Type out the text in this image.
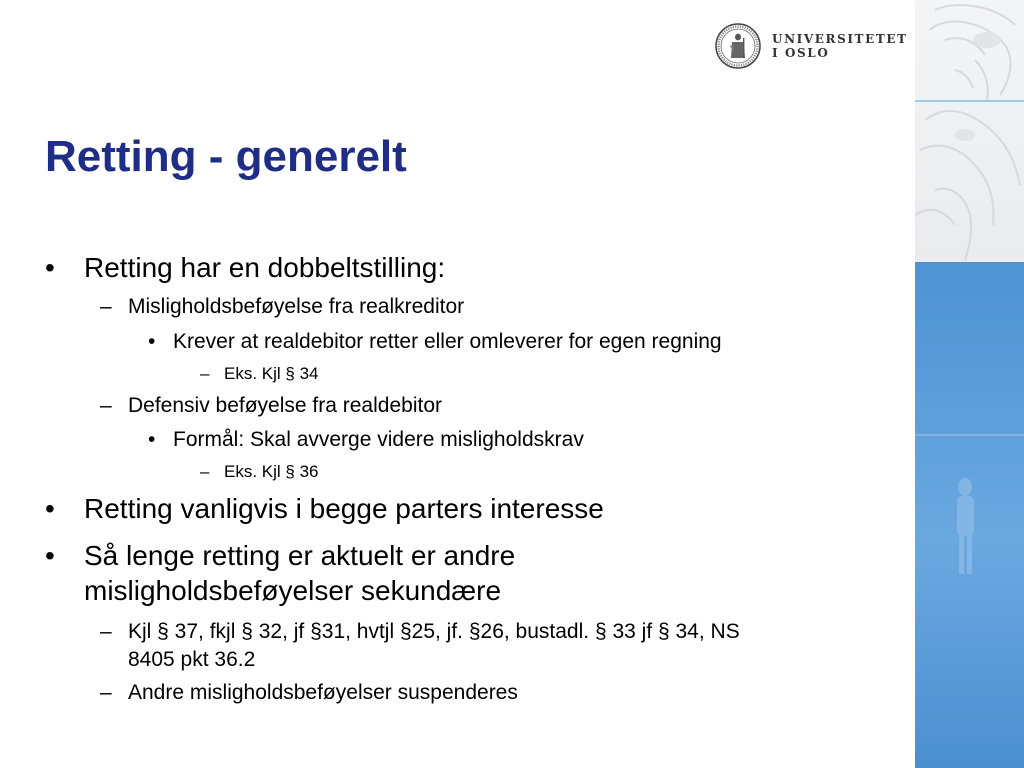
UNIVERSITETET
I OSLO
Retting - generelt
• Retting har en dobbeltstilling:
– Misligholdsbeføyelse fra realkreditor
• Krever at realdebitor retter eller omleverer for egen regning
– Eks. Kjl § 34
– Defensiv beføyelse fra realdebitor
• Formål: Skal avverge videre misligholdskrav
– Eks. Kjl § 36
• Retting vanligvis i begge parters interesse
• Så lenge retting er aktuelt er andre
misligholdsbeføyelser sekundære
– Kjl § 37, fkjl § 32, jf §31, hvtjl §25, jf. §26, bustadl. § 33 jf § 34, NS
8405 pkt 36.2
– Andre misligholdsbeføyelser suspenderes
